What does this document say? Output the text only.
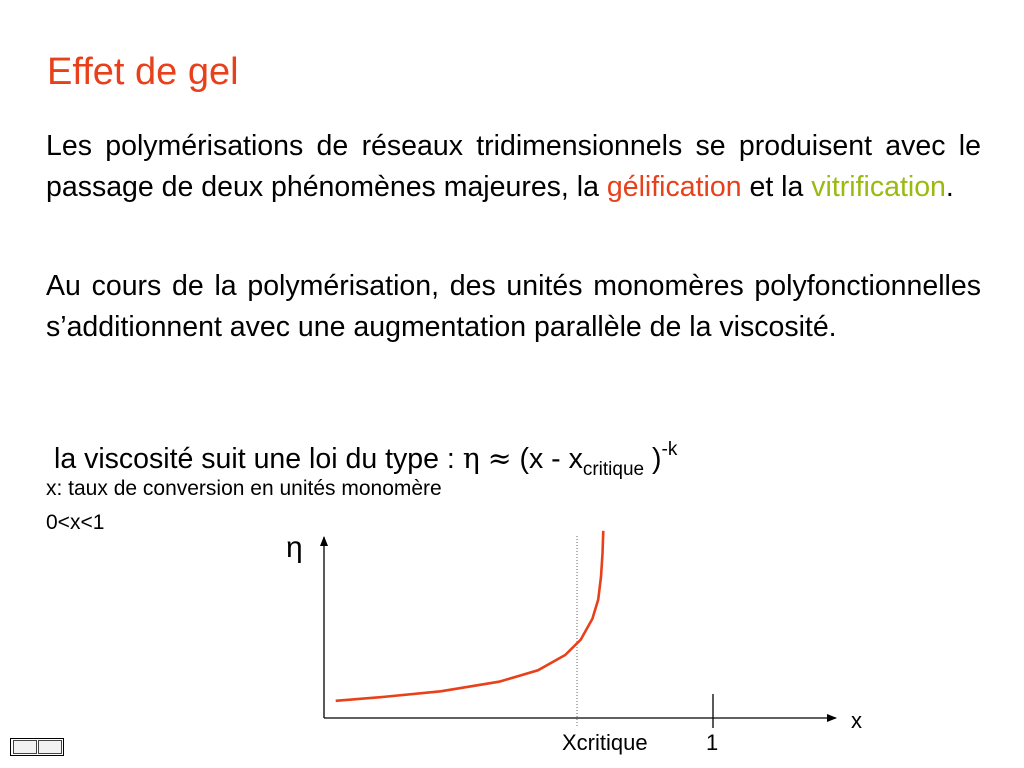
Effet de gel
Les polymérisations de réseaux tridimensionnels se produisent avec le passage de deux phénomènes majeures, la gélification et la vitrification.
Au cours de la polymérisation, des unités monomères polyfonctionnelles s’additionnent avec une augmentation parallèle de la viscosité.
la viscosité suit une loi du type : $\eta \approx (x - x_{critique}$ )$^{-k}$
x: taux de conversion en unités monomère
0<x<1
η
x
Xcritique	1
